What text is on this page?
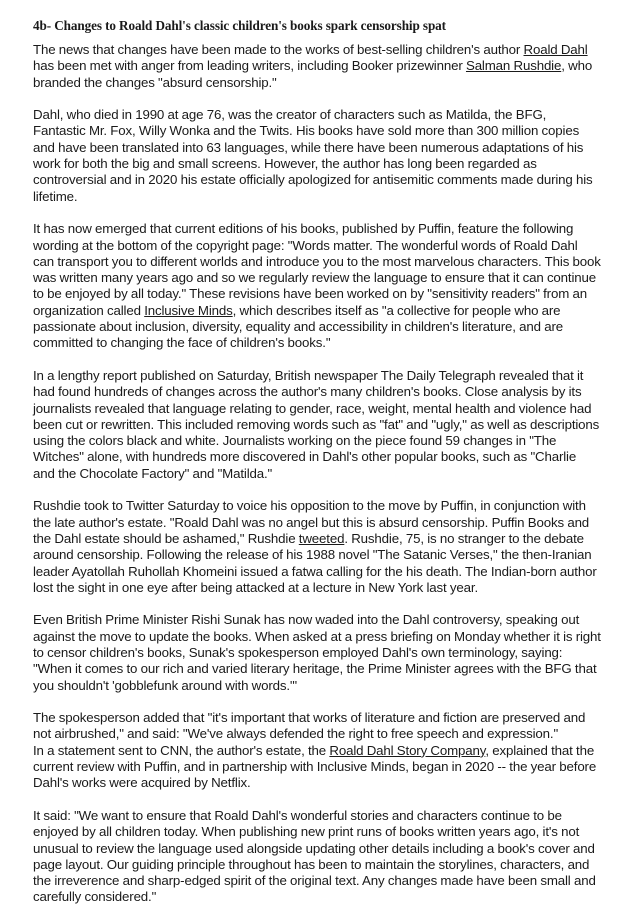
4b- Changes to Roald Dahl's classic children's books spark censorship spat

The news that changes have been made to the works of best-selling children's author Roald Dahl has been met with anger from leading writers, including Booker prizewinner Salman Rushdie, who branded the changes "absurd censorship."

Dahl, who died in 1990 at age 76, was the creator of characters such as Matilda, the BFG, Fantastic Mr. Fox, Willy Wonka and the Twits. His books have sold more than 300 million copies and have been translated into 63 languages, while there have been numerous adaptations of his work for both the big and small screens. However, the author has long been regarded as controversial and in 2020 his estate officially apologized for antisemitic comments made during his lifetime.

It has now emerged that current editions of his books, published by Puffin, feature the following wording at the bottom of the copyright page: "Words matter. The wonderful words of Roald Dahl can transport you to different worlds and introduce you to the most marvelous characters. This book was written many years ago and so we regularly review the language to ensure that it can continue to be enjoyed by all today." These revisions have been worked on by "sensitivity readers" from an organization called Inclusive Minds, which describes itself as "a collective for people who are passionate about inclusion, diversity, equality and accessibility in children's literature, and are committed to changing the face of children's books."

In a lengthy report published on Saturday, British newspaper The Daily Telegraph revealed that it had found hundreds of changes across the author's many children's books. Close analysis by its journalists revealed that language relating to gender, race, weight, mental health and violence had been cut or rewritten. This included removing words such as "fat" and "ugly," as well as descriptions using the colors black and white. Journalists working on the piece found 59 changes in "The Witches" alone, with hundreds more discovered in Dahl's other popular books, such as "Charlie and the Chocolate Factory" and "Matilda."

Rushdie took to Twitter Saturday to voice his opposition to the move by Puffin, in conjunction with the late author's estate. "Roald Dahl was no angel but this is absurd censorship. Puffin Books and the Dahl estate should be ashamed," Rushdie tweeted. Rushdie, 75, is no stranger to the debate around censorship. Following the release of his 1988 novel "The Satanic Verses," the then-Iranian leader Ayatollah Ruhollah Khomeini issued a fatwa calling for the his death. The Indian-born author lost the sight in one eye after being attacked at a lecture in New York last year.

Even British Prime Minister Rishi Sunak has now waded into the Dahl controversy, speaking out against the move to update the books. When asked at a press briefing on Monday whether it is right to censor children's books, Sunak's spokesperson employed Dahl's own terminology, saying: "When it comes to our rich and varied literary heritage, the Prime Minister agrees with the BFG that you shouldn't 'gobblefunk around with words.'"

The spokesperson added that "it's important that works of literature and fiction are preserved and not airbrushed," and said: "We've always defended the right to free speech and expression."

In a statement sent to CNN, the author's estate, the Roald Dahl Story Company, explained that the current review with Puffin, and in partnership with Inclusive Minds, began in 2020 -- the year before Dahl's works were acquired by Netflix.

It said: "We want to ensure that Roald Dahl's wonderful stories and characters continue to be enjoyed by all children today. When publishing new print runs of books written years ago, it's not unusual to review the language used alongside updating other details including a book's cover and page layout. Our guiding principle throughout has been to maintain the storylines, characters, and the irreverence and sharp-edged spirit of the original text. Any changes made have been small and carefully considered."
